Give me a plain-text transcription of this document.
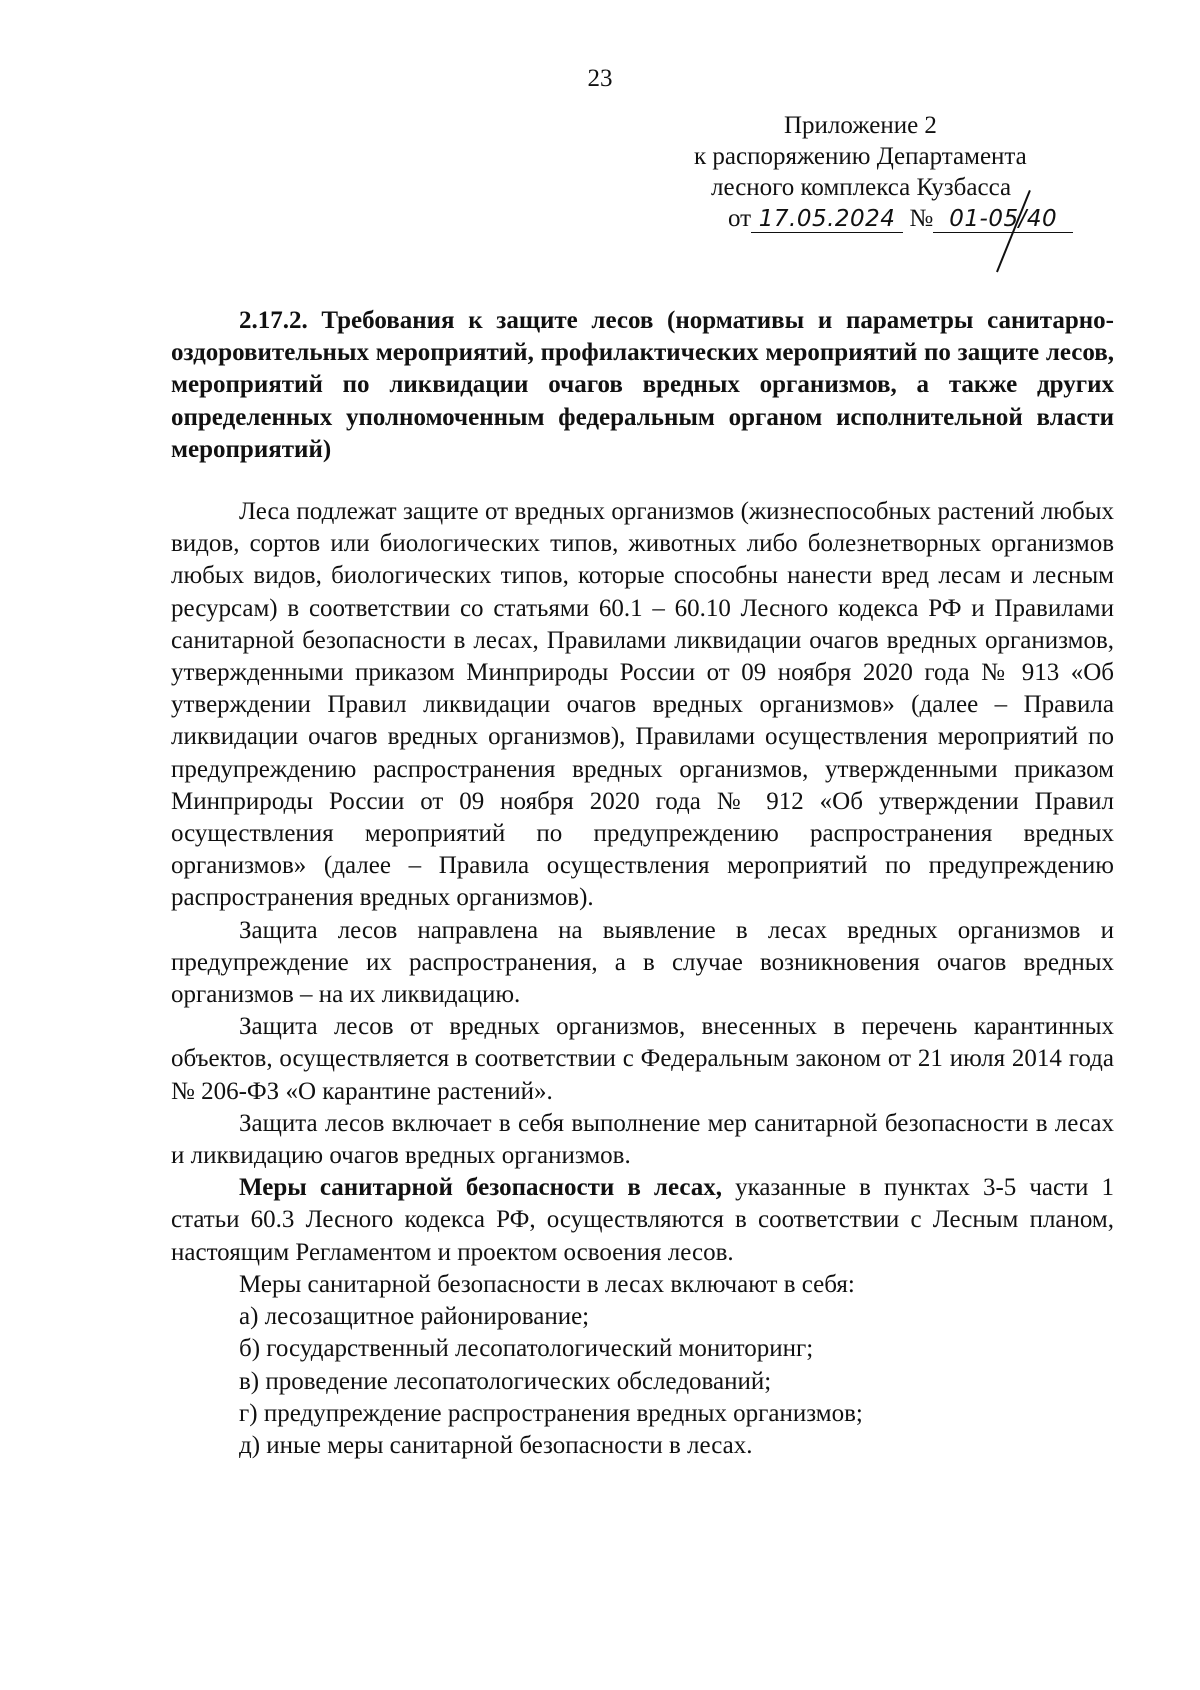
23
Приложение 2
к распоряжению Департамента
лесного комплекса Кузбасса
от 17.05.2024 № 01-05/40

2.17.2. Требования к защите лесов (нормативы и параметры санитарно-оздоровительных мероприятий, профилактических мероприятий по защите лесов, мероприятий по ликвидации очагов вредных организмов, а также других определенных уполномоченным федеральным органом исполнительной власти мероприятий)

Леса подлежат защите от вредных организмов (жизнеспособных растений любых видов, сортов или биологических типов, животных либо болезнетворных организмов любых видов, биологических типов, которые способны нанести вред лесам и лесным ресурсам) в соответствии со статьями 60.1 – 60.10 Лесного кодекса РФ и Правилами санитарной безопасности в лесах, Правилами ликвидации очагов вредных организмов, утвержденными приказом Минприроды России от 09 ноября 2020 года № 913 «Об утверждении Правил ликвидации очагов вредных организмов» (далее – Правила ликвидации очагов вредных организмов), Правилами осуществления мероприятий по предупреждению распространения вредных организмов, утвержденными приказом Минприроды России от 09 ноября 2020 года № 912 «Об утверждении Правил осуществления мероприятий по предупреждению распространения вредных организмов» (далее – Правила осуществления мероприятий по предупреждению распространения вредных организмов).

Защита лесов направлена на выявление в лесах вредных организмов и предупреждение их распространения, а в случае возникновения очагов вредных организмов – на их ликвидацию.

Защита лесов от вредных организмов, внесенных в перечень карантинных объектов, осуществляется в соответствии с Федеральным законом от 21 июля 2014 года № 206-ФЗ «О карантине растений».

Защита лесов включает в себя выполнение мер санитарной безопасности в лесах и ликвидацию очагов вредных организмов.

Меры санитарной безопасности в лесах, указанные в пунктах 3-5 части 1 статьи 60.3 Лесного кодекса РФ, осуществляются в соответствии с Лесным планом, настоящим Регламентом и проектом освоения лесов.

Меры санитарной безопасности в лесах включают в себя:

а) лесозащитное районирование;

б) государственный лесопатологический мониторинг;

в) проведение лесопатологических обследований;

г) предупреждение распространения вредных организмов;

д) иные меры санитарной безопасности в лесах.
